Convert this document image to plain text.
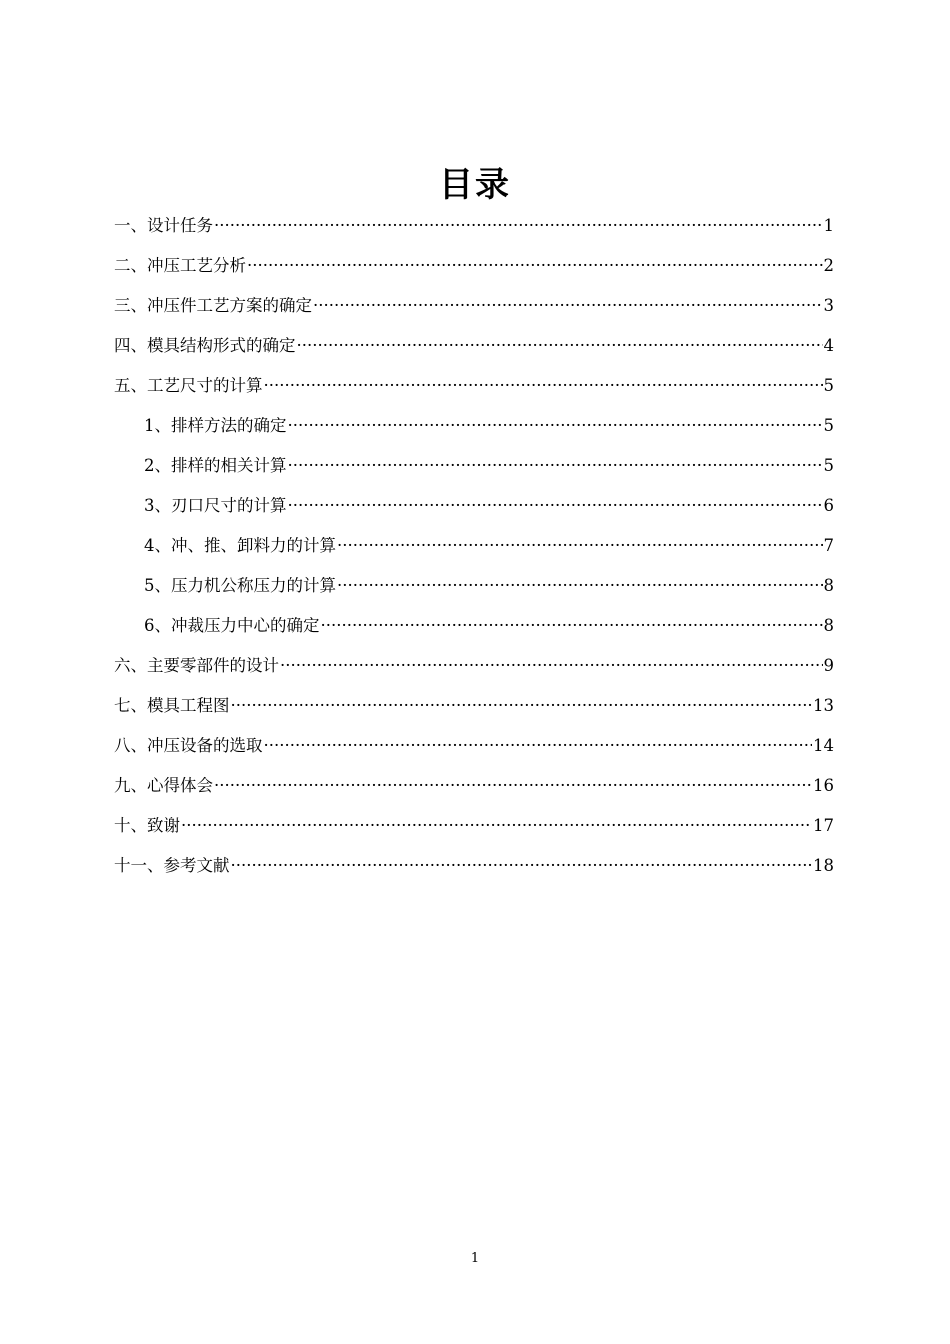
目录
一、设计任务 ·····	1
二、冲压工艺分析 ·····	2
三、冲压件工艺方案的确定 ·····	3
四、模具结构形式的确定 ·····	4
五、工艺尺寸的计算 ·····	5
1、排样方法的确定 ·····	5
2、排样的相关计算 ·····	5
3、刃口尺寸的计算 ·····	6
4、冲、推、卸料力的计算 ·····	7
5、压力机公称压力的计算 ·····	8
6、冲裁压力中心的确定 ·····	8
六、主要零部件的设计 ·····	9
七、模具工程图 ·····	13
八、冲压设备的选取 ·····	14
九、心得体会 ·····	16
十、致谢 ·····	17
十一、参考文献 ·····	18
1
